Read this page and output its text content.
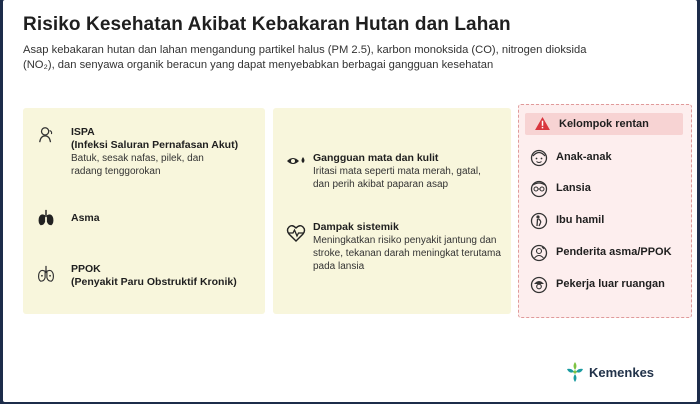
Risiko Kesehatan Akibat Kebakaran Hutan dan Lahan
Asap kebakaran hutan dan lahan mengandung partikel halus (PM 2.5), karbon monoksida (CO), nitrogen dioksida
(NO₂), dan senyawa organik beracun yang dapat menyebabkan berbagai gangguan kesehatan
ISPA
(Infeksi Saluran Pernafasan Akut)
Batuk, sesak nafas, pilek, dan radang tenggorokan
Asma
PPOK
(Penyakit Paru Obstruktif Kronik)
Gangguan mata dan kulit
Iritasi mata seperti mata merah, gatal, dan perih akibat paparan asap
Dampak sistemik
Meningkatkan risiko penyakit jantung dan stroke, tekanan darah meningkat terutama pada lansia
Kelompok rentan
Anak-anak
Lansia
Ibu hamil
Penderita asma/PPOK
Pekerja luar ruangan
Kemenkes
